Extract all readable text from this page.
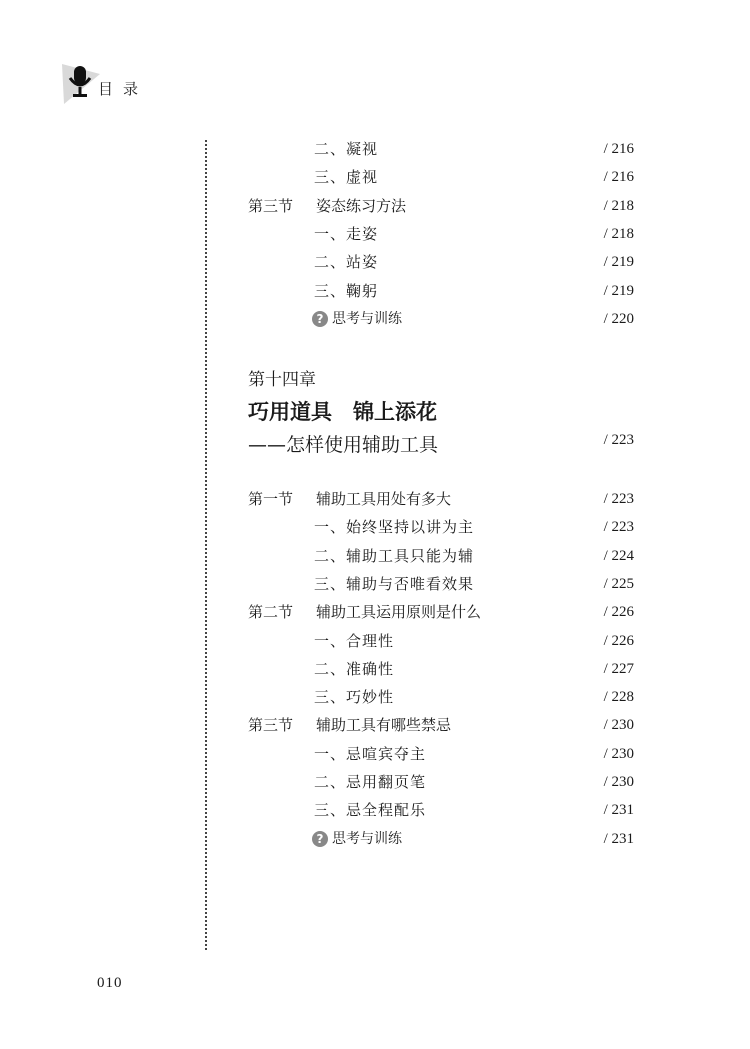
目录
二、凝视	/ 216
三、虚视	/ 216
第三节 姿态练习方法	/ 218
一、走姿	/ 218
二、站姿	/ 219
三、鞠躬	/ 219
? 思考与训练	/ 220
第十四章
巧用道具　锦上添花
——怎样使用辅助工具	/ 223
第一节 辅助工具用处有多大	/ 223
一、始终坚持以讲为主	/ 223
二、辅助工具只能为辅	/ 224
三、辅助与否唯看效果	/ 225
第二节 辅助工具运用原则是什么	/ 226
一、合理性	/ 226
二、准确性	/ 227
三、巧妙性	/ 228
第三节 辅助工具有哪些禁忌	/ 230
一、忌喧宾夺主	/ 230
二、忌用翻页笔	/ 230
三、忌全程配乐	/ 231
? 思考与训练	/ 231
010
